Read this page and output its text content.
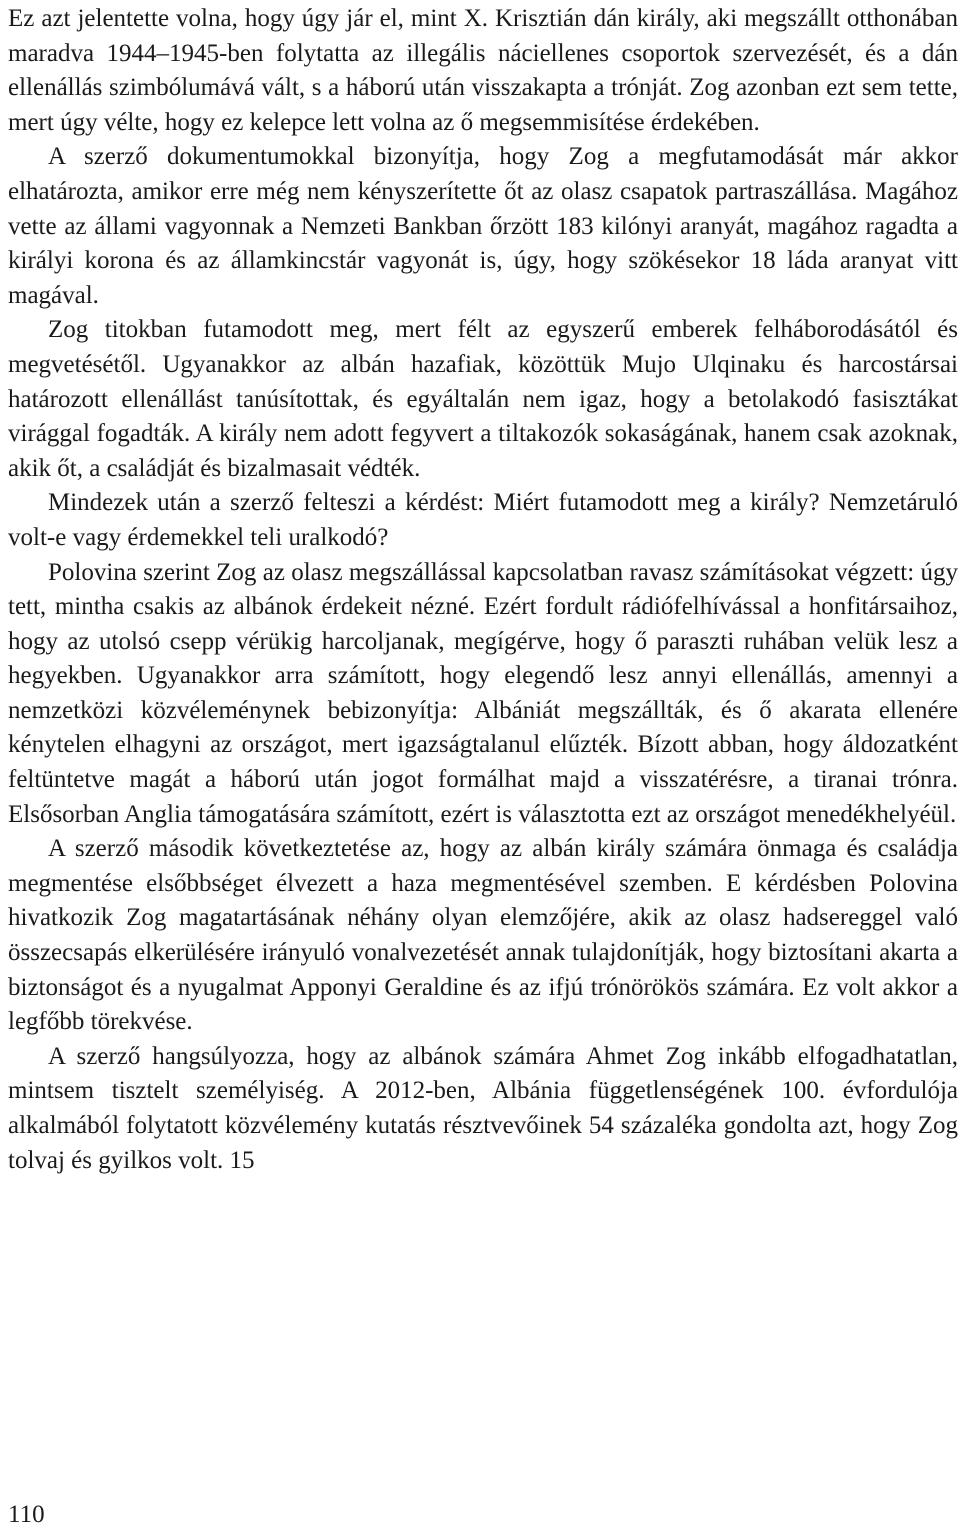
Ez azt jelentette volna, hogy úgy jár el, mint X. Krisztián dán király, aki megszállt otthonában maradva 1944–1945-ben folytatta az illegális náciellenes csoportok szervezését, és a dán ellenállás szimbólumává vált, s a háború után visszakapta a trónját. Zog azonban ezt sem tette, mert úgy vélte, hogy ez kelepce lett volna az ő megsemmisítése érdekében.

A szerző dokumentumokkal bizonyítja, hogy Zog a megfutamodását már akkor elhatározta, amikor erre még nem kényszerítette őt az olasz csapatok partraszállása. Magához vette az állami vagyonnak a Nemzeti Bankban őrzött 183 kilónyi aranyát, magához ragadta a királyi korona és az államkincstár vagyonát is, úgy, hogy szökésekor 18 láda aranyat vitt magával.

Zog titokban futamodott meg, mert félt az egyszerű emberek felháborodásától és megvetésétől. Ugyanakkor az albán hazafiak, közöttük Mujo Ulqinaku és harcostársai határozott ellenállást tanúsítottak, és egyáltalán nem igaz, hogy a betolakodó fasisztákat virággal fogadták. A király nem adott fegyvert a tiltakozók sokaságának, hanem csak azoknak, akik őt, a családját és bizalmasait védték.

Mindezek után a szerző felteszi a kérdést: Miért futamodott meg a király? Nemzetáruló volt-e vagy érdemekkel teli uralkodó?

Polovina szerint Zog az olasz megszállással kapcsolatban ravasz számításokat végzett: úgy tett, mintha csakis az albánok érdekeit nézné. Ezért fordult rádiófelhívással a honfitársaihoz, hogy az utolsó csepp vérükig harcoljanak, megígérve, hogy ő paraszti ruhában velük lesz a hegyekben. Ugyanakkor arra számított, hogy elegendő lesz annyi ellenállás, amennyi a nemzetközi közvéleménynek bebizonyítja: Albániát megszállták, és ő akarata ellenére kénytelen elhagyni az országot, mert igazságtalanul elűzték. Bízott abban, hogy áldozatként feltüntetve magát a háború után jogot formálhat majd a visszatérésre, a tiranai trónra. Elsősorban Anglia támogatására számított, ezért is választotta ezt az országot menedékhelyéül.

A szerző második következtetése az, hogy az albán király számára önmaga és családja megmentése elsőbbséget élvezett a haza megmentésével szemben. E kérdésben Polovina hivatkozik Zog magatartásának néhány olyan elemzőjére, akik az olasz hadsereggel való összecsapás elkerülésére irányuló vonalvezetését annak tulajdonítják, hogy biztosítani akarta a biztonságot és a nyugalmat Apponyi Geraldine és az ifjú trónörökös számára. Ez volt akkor a legfőbb törekvése.

A szerző hangsúlyozza, hogy az albánok számára Ahmet Zog inkább elfogadhatatlan, mintsem tisztelt személyiség. A 2012-ben, Albánia függetlenségének 100. évfordulója alkalmából folytatott közvélemény kutatás résztvevőinek 54 százaléka gondolta azt, hogy Zog tolvaj és gyilkos volt. 15

110
